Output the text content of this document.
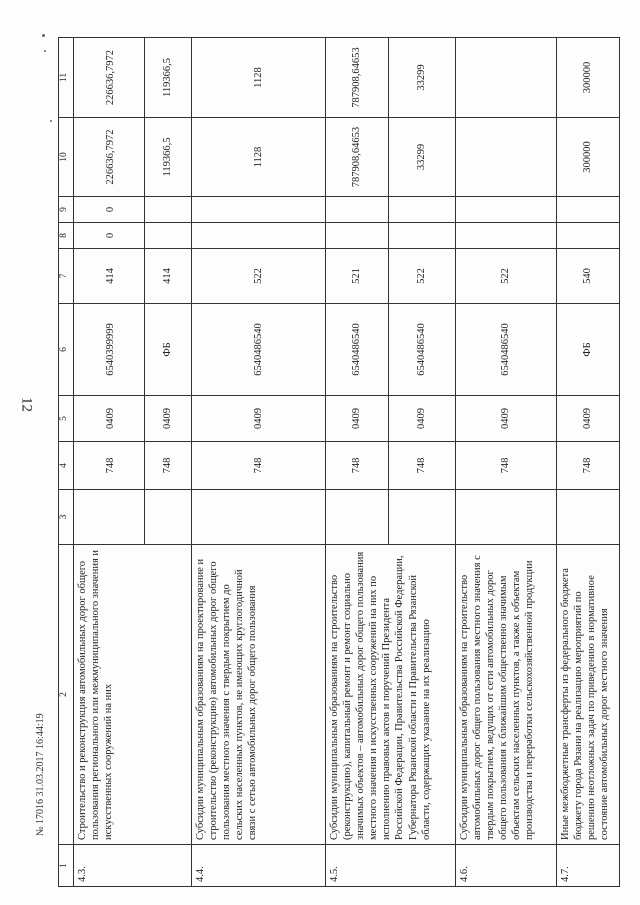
12
1	2	3	4	5	6	7	8	9	10	11
4.3.	Строительство и реконструкция автомобильных дорог общего пользования регионального или межмуниципального значения и искусственных сооружений на них		748	0409	6540399999	414	0	0	226636,7972	226636,7972
			748	0409	ФБ	414			119366,5	119366,5
4.4.	Субсидии муниципальным образованиям на проектирование и строительство (реконструкцию) автомобильных дорог общего пользования местного значения с твердым покрытием до сельских населенных пунктов, не имеющих круглогодичной связи с сетью автомобильных дорог общего пользования		748	0409	6540486540	522			1128	1128
4.5.	Субсидии муниципальным образованиям на строительство (реконструкцию), капитальный ремонт и ремонт социально значимых объектов – автомобильных дорог общего пользования местного значения и искусственных сооружений на них по исполнению правовых актов и поручений Президента Российской Федерации, Правительства Российской Федерации, Губернатора Рязанской области и Правительства Рязанской области, содержащих указание на их реализацию		748	0409	6540486540	521			787908,64653	787908,64653
			748	0409	6540486540	522			33299	33299
4.6.	Субсидии муниципальным образованиям на строительство автомобильных дорог общего пользования местного значения с твердым покрытием, ведущих от сети автомобильных дорог общего пользования к ближайшим общественно значимым объектам сельских населенных пунктов, а также к объектам производства и переработки сельскохозяйственной продукции		748	0409	6540486540	522				
4.7.	Иные межбюджетные трансферты из федерального бюджета бюджету города Рязани на реализацию мероприятий по решению неотложных задач по приведению в нормативное состояние автомобильных дорог местного значения		748	0409	ФБ	540			300000	300000
№ 17016 31.03.2017 16:44:19
